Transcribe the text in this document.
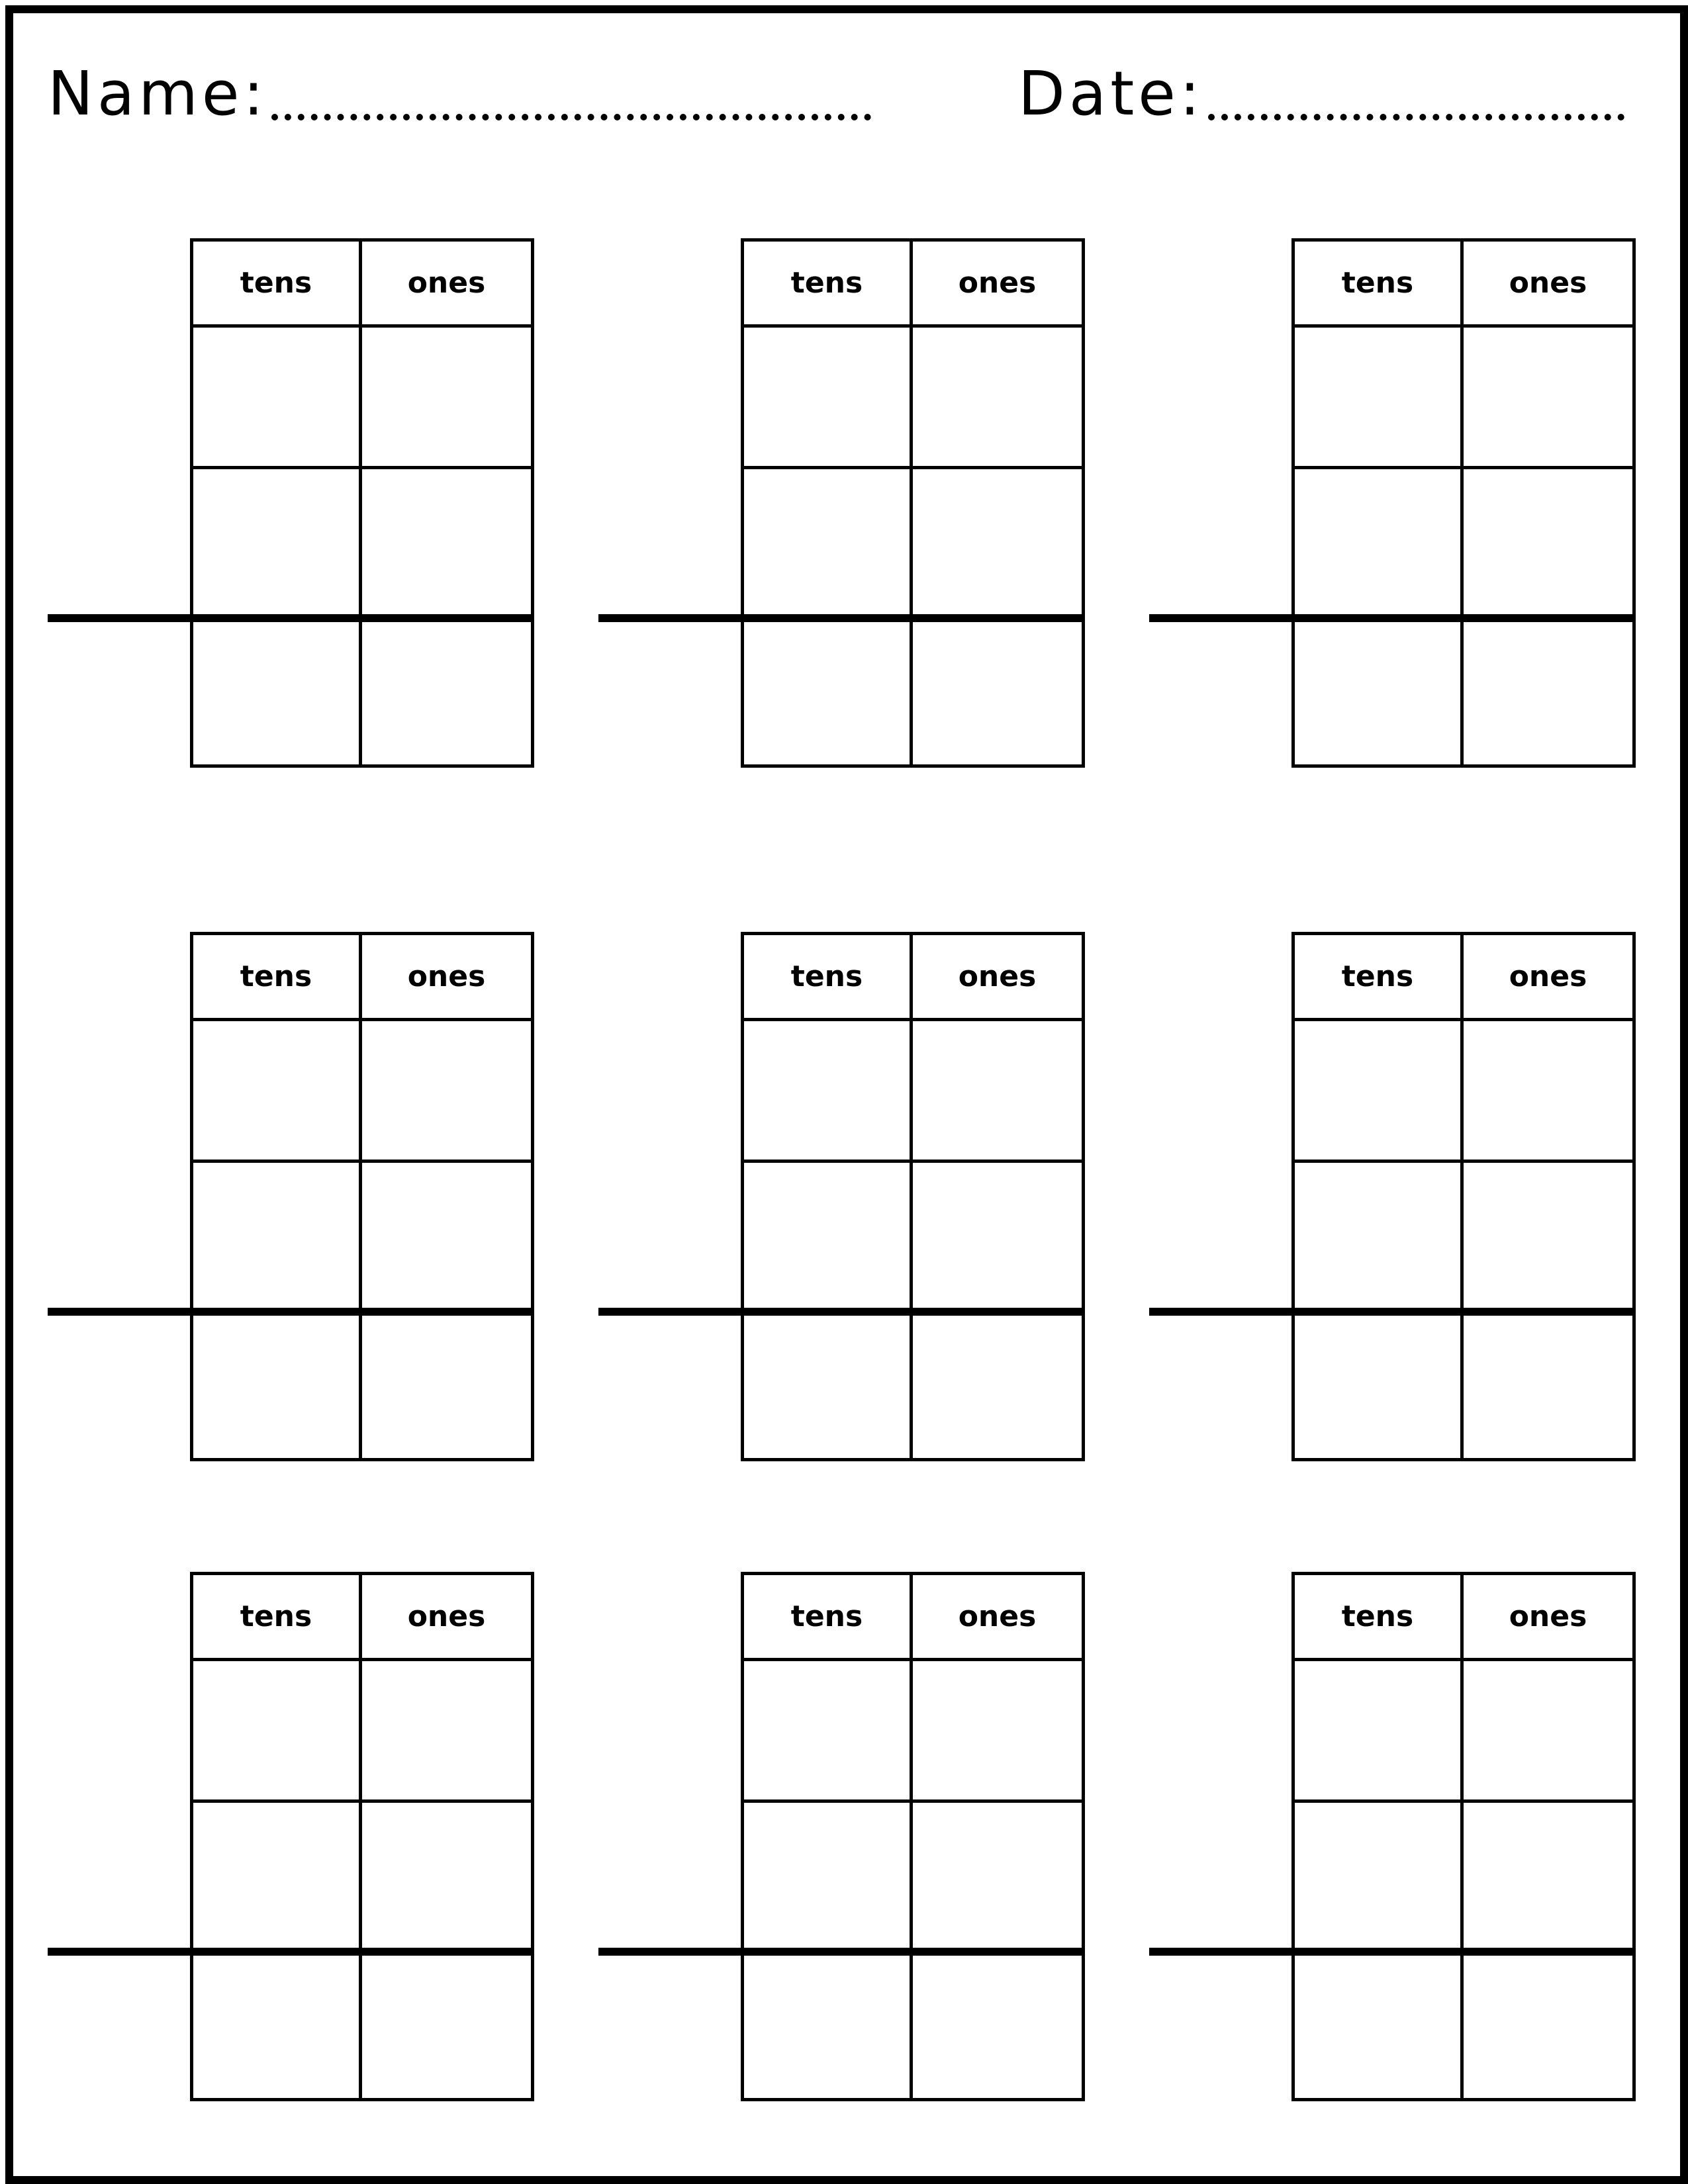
Name:	Date:
tens	ones	tens	ones	tens	ones
tens	ones	tens	ones	tens	ones
tens	ones	tens	ones	tens	ones
